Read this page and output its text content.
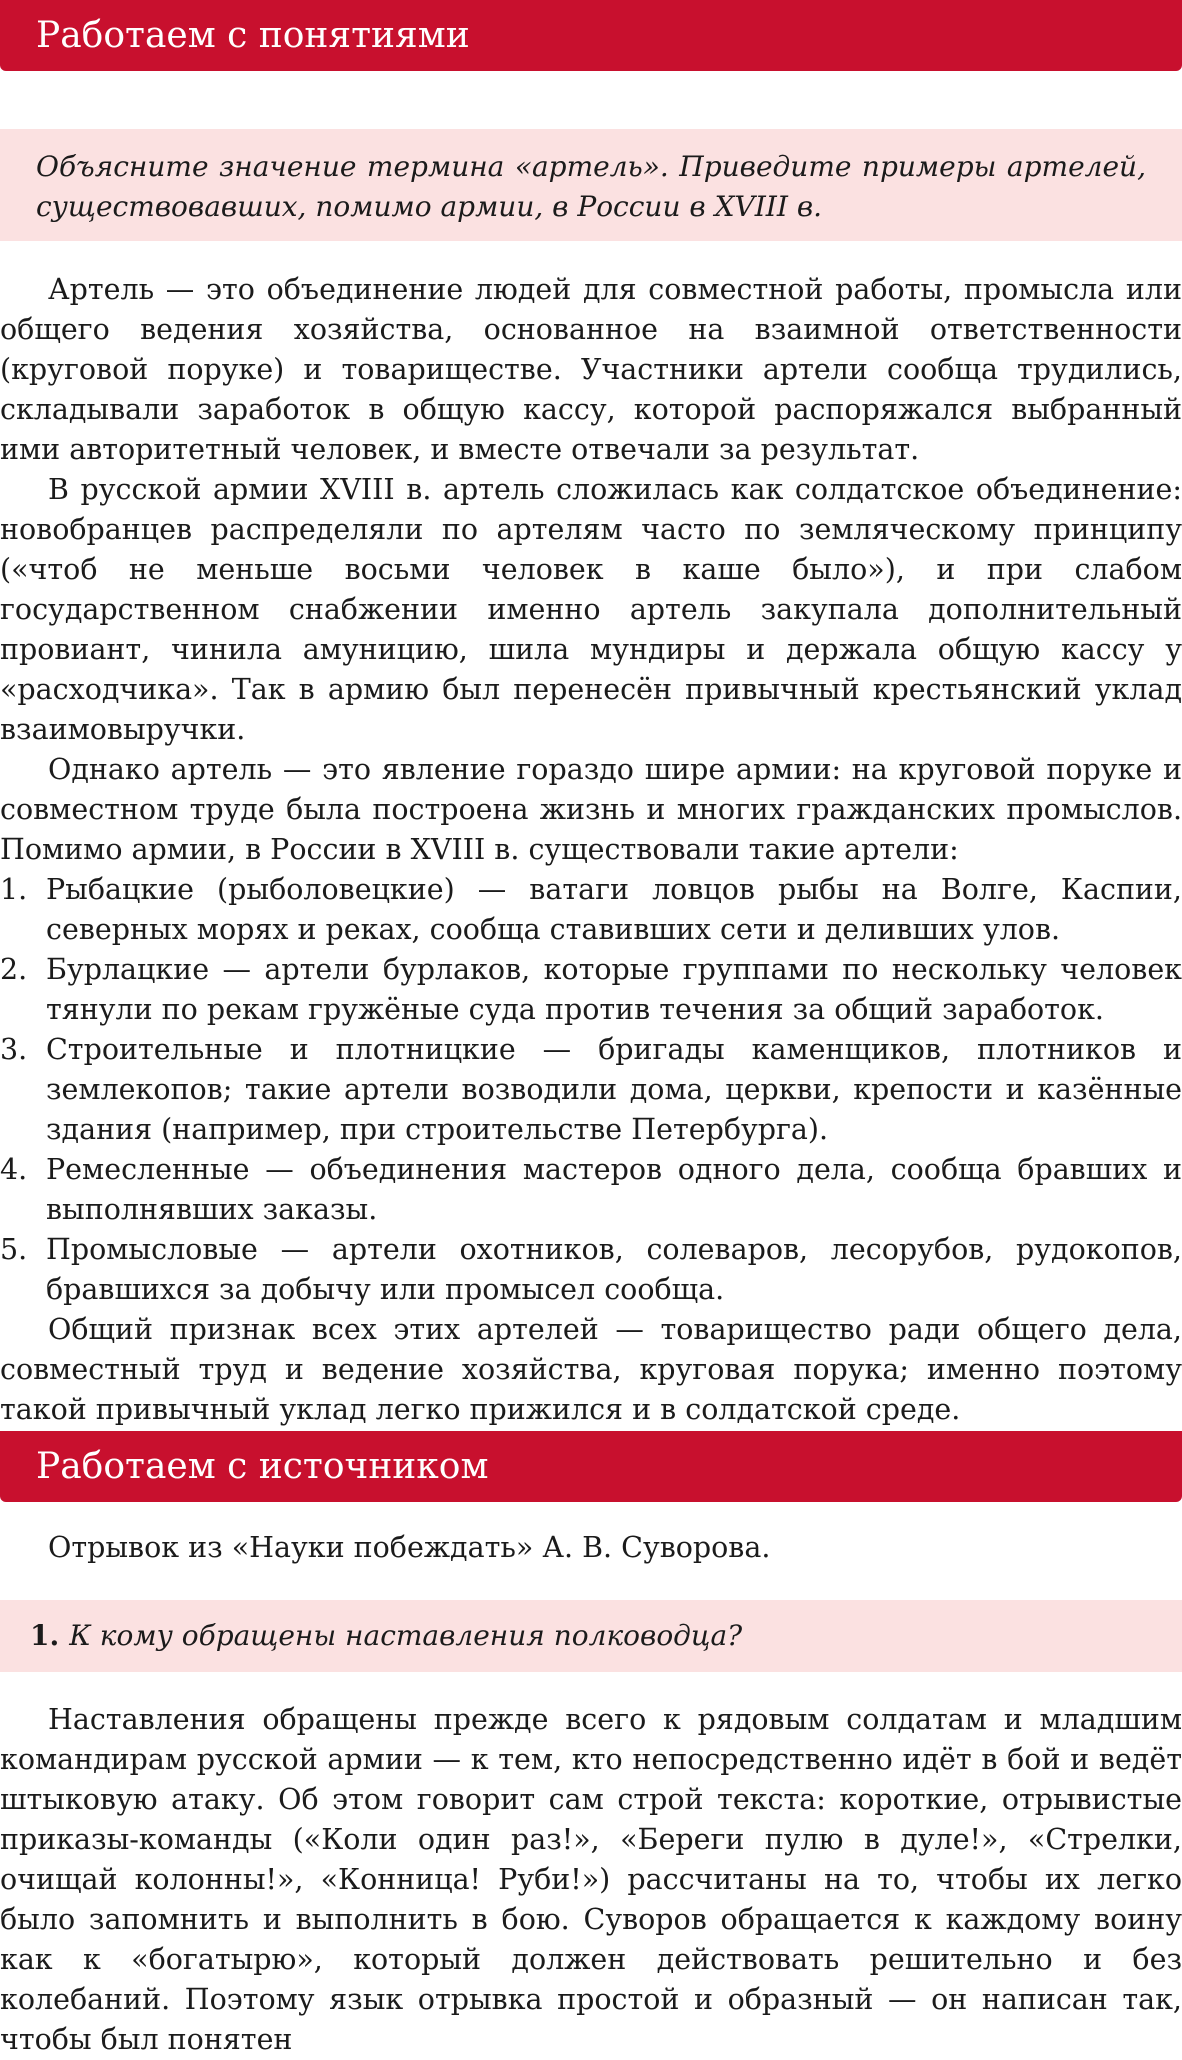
Работаем с понятиями
Объясните значение термина «артель». Приведите примеры артелей, существовавших, помимо армии, в России в XVIII в.

Артель — это объединение людей для совместной работы, промысла или общего ведения хозяйства, основанное на взаимной ответственности (круговой поруке) и товариществе. Участники артели сообща трудились, складывали заработок в общую кассу, которой распоряжался выбранный ими авторитетный человек, и вместе отвечали за результат.

В русской армии XVIII в. артель сложилась как солдатское объединение: новобранцев распределяли по артелям часто по земляческому принципу («чтоб не меньше восьми человек в каше было»), и при слабом государственном снабжении именно артель закупала дополнительный провиант, чинила амуницию, шила мундиры и держала общую кассу у «расходчика». Так в армию был перенесён привычный крестьянский уклад взаимовыручки.

Однако артель — это явление гораздо шире армии: на круговой поруке и совместном труде была построена жизнь и многих гражданских промыслов. Помимо армии, в России в XVIII в. существовали такие артели:

1. Рыбацкие (рыболовецкие) — ватаги ловцов рыбы на Волге, Каспии, северных морях и реках, сообща ставивших сети и деливших улов.
2. Бурлацкие — артели бурлаков, которые группами по нескольку человек тянули по рекам гружёные суда против течения за общий заработок.
3. Строительные и плотницкие — бригады каменщиков, плотников и землекопов; такие артели возводили дома, церкви, крепости и казённые здания (например, при строительстве Петербурга).
4. Ремесленные — объединения мастеров одного дела, сообща бравших и выполнявших заказы.
5. Промысловые — артели охотников, солеваров, лесорубов, рудокопов, бравшихся за добычу или промысел сообща.

Общий признак всех этих артелей — товарищество ради общего дела, совместный труд и ведение хозяйства, круговая порука; именно поэтому такой привычный уклад легко прижился и в солдатской среде.

Работаем с источником

Отрывок из «Науки побеждать» А. В. Суворова.

1. К кому обращены наставления полководца?

Наставления обращены прежде всего к рядовым солдатам и младшим командирам русской армии — к тем, кто непосредственно идёт в бой и ведёт штыковую атаку. Об этом говорит сам строй текста: короткие, отрывистые приказы-команды («Коли один раз!», «Береги пулю в дуле!», «Стрелки, очищай колонны!», «Конница! Руби!») рассчитаны на то, чтобы их легко было запомнить и выполнить в бою. Суворов обращается к каждому воину как к «богатырю», который должен действовать решительно и без колебаний. Поэтому язык отрывка простой и образный — он написан так, чтобы был понятен
